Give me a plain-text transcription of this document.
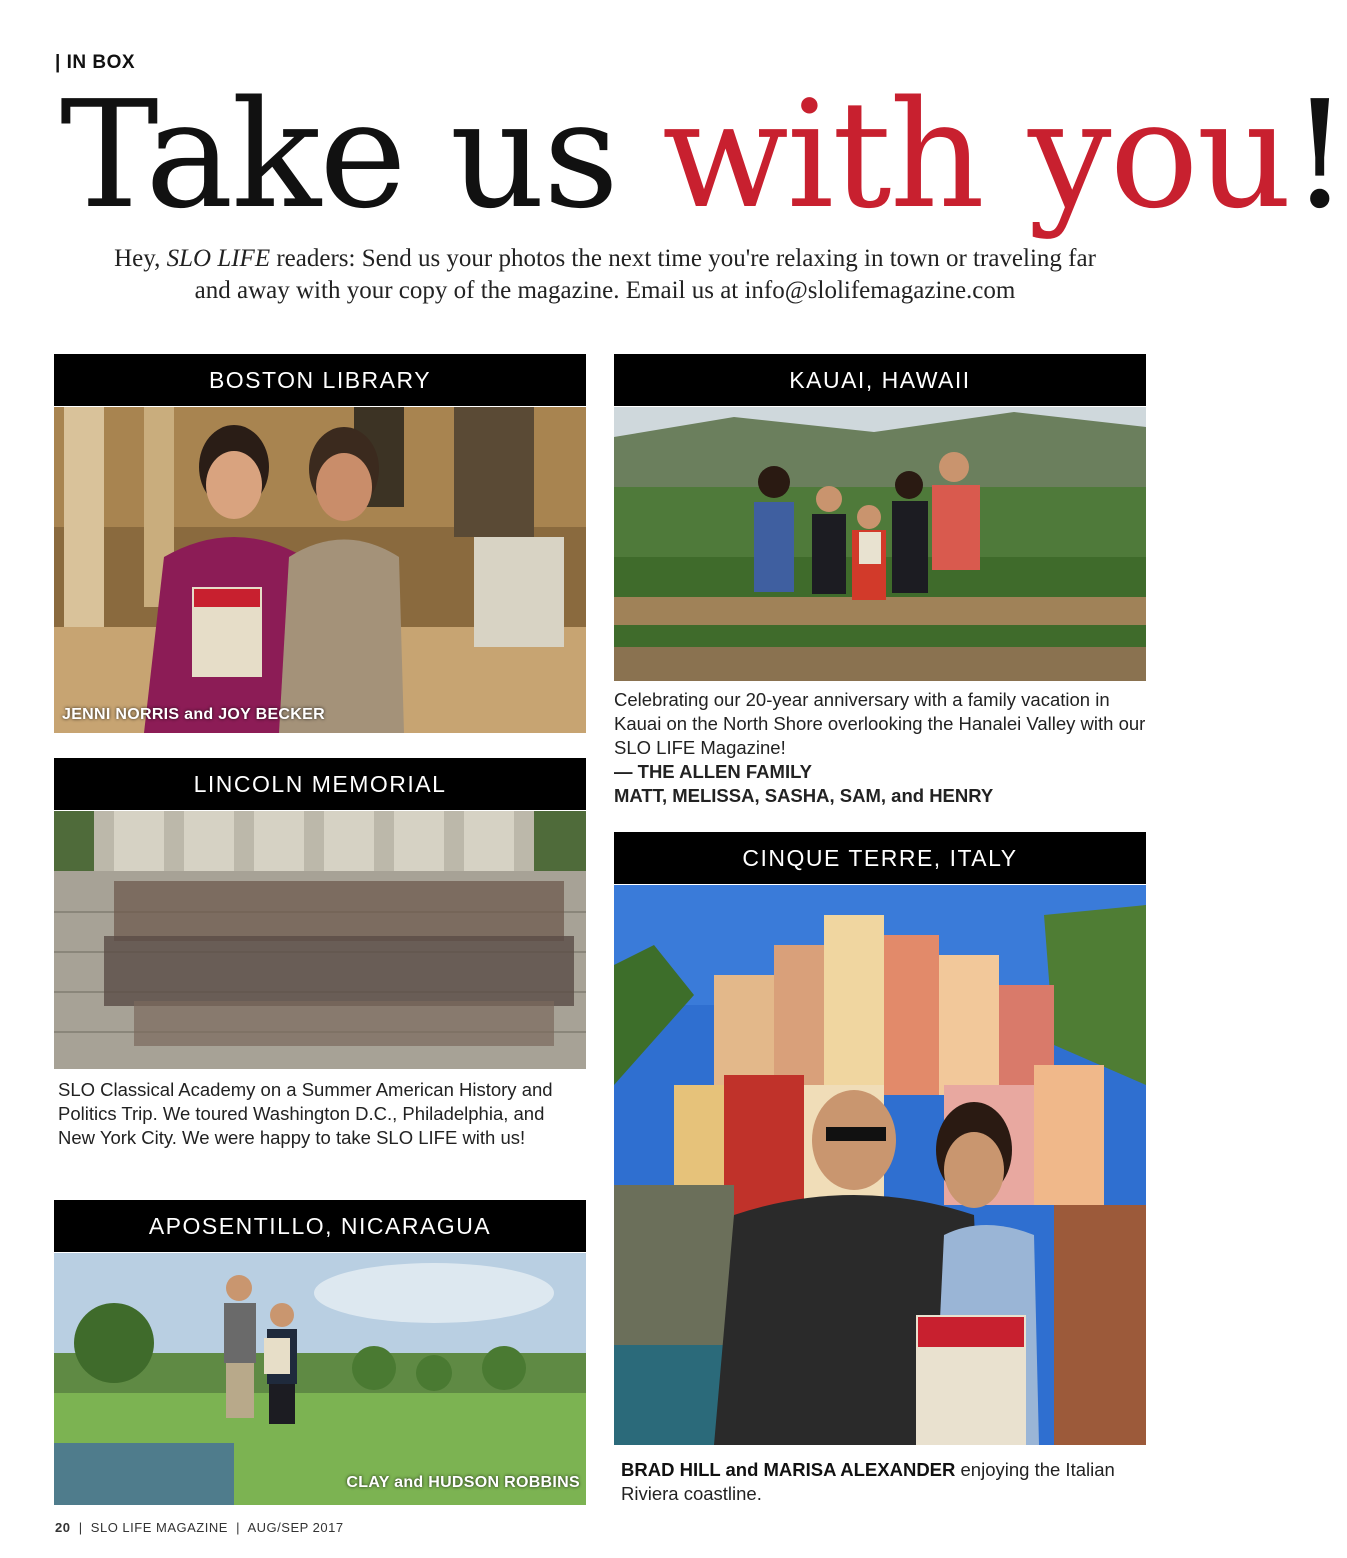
| IN BOX
Take us with you!
Hey, SLO LIFE readers: Send us your photos the next time you're relaxing in town or traveling far and away with your copy of the magazine. Email us at info@slolifemagazine.com
BOSTON LIBRARY
JENNI NORRIS and JOY BECKER
KAUAI, HAWAII
Celebrating our 20-year anniversary with a family vacation in Kauai on the North Shore overlooking the Hanalei Valley with our SLO LIFE Magazine!
— THE ALLEN FAMILY
MATT, MELISSA, SASHA, SAM, and HENRY
LINCOLN MEMORIAL
SLO Classical Academy on a Summer American History and Politics Trip. We toured Washington D.C., Philadelphia, and New York City. We were happy to take SLO LIFE with us!
CINQUE TERRE, ITALY
BRAD HILL and MARISA ALEXANDER enjoying the Italian Riviera coastline.
APOSENTILLO, NICARAGUA
CLAY and HUDSON ROBBINS
20  |  SLO LIFE MAGAZINE  |  AUG/SEP 2017
